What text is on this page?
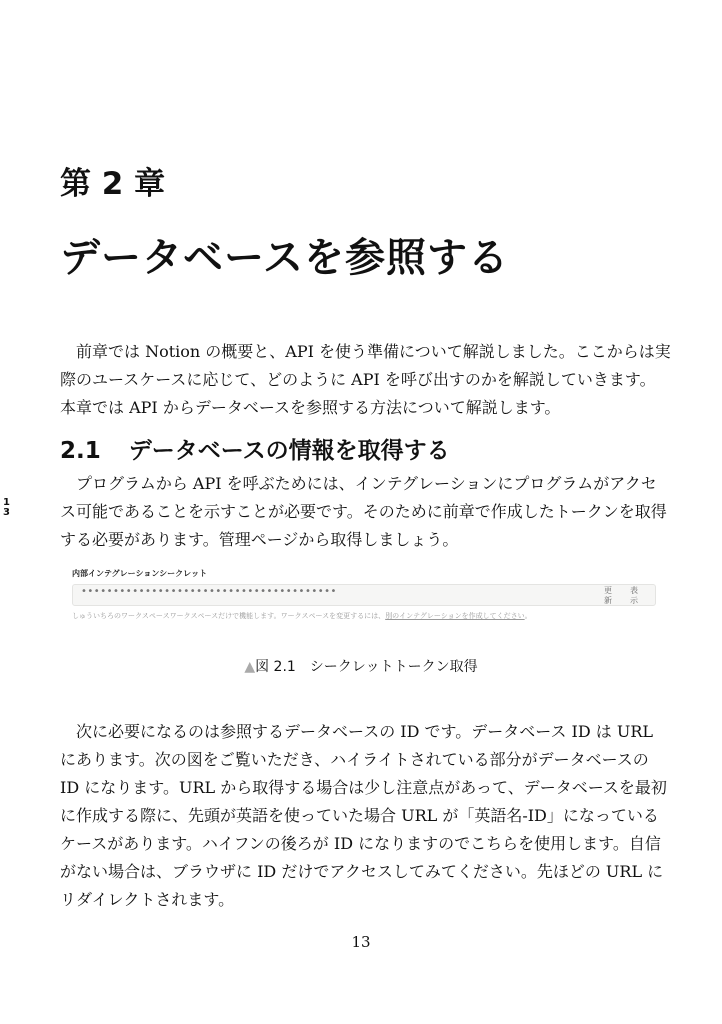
第 2 章
データベースを参照する
　前章では Notion の概要と、API を使う準備について解説しました。ここからは実
際のユースケースに応じて、どのように API を呼び出すのかを解説していきます。
本章では API からデータベースを参照する方法について解説します。
2.1 データベースの情報を取得する
1
3
　プログラムから API を呼ぶためには、インテグレーションにプログラムがアクセ
ス可能であることを示すことが必要です。そのために前章で作成したトークンを取得
する必要があります。管理ページから取得しましょう。
内部インテグレーションシークレット
••••••••••••••••••••••••••••••••••••••••	更新
表示
しゅういちろのワークスペースワークスペースだけで機能します。ワークスペースを変更するには、別のインテグレーションを作成してください。
▲図 2.1　シークレットトークン取得
　次に必要になるのは参照するデータベースの ID です。データベース ID は URL
にあります。次の図をご覧いただき、ハイライトされている部分がデータベースの
ID になります。URL から取得する場合は少し注意点があって、データベースを最初
に作成する際に、先頭が英語を使っていた場合 URL が「英語名-ID」になっている
ケースがあります。ハイフンの後ろが ID になりますのでこちらを使用します。自信
がない場合は、ブラウザに ID だけでアクセスしてみてください。先ほどの URL に
リダイレクトされます。
13
